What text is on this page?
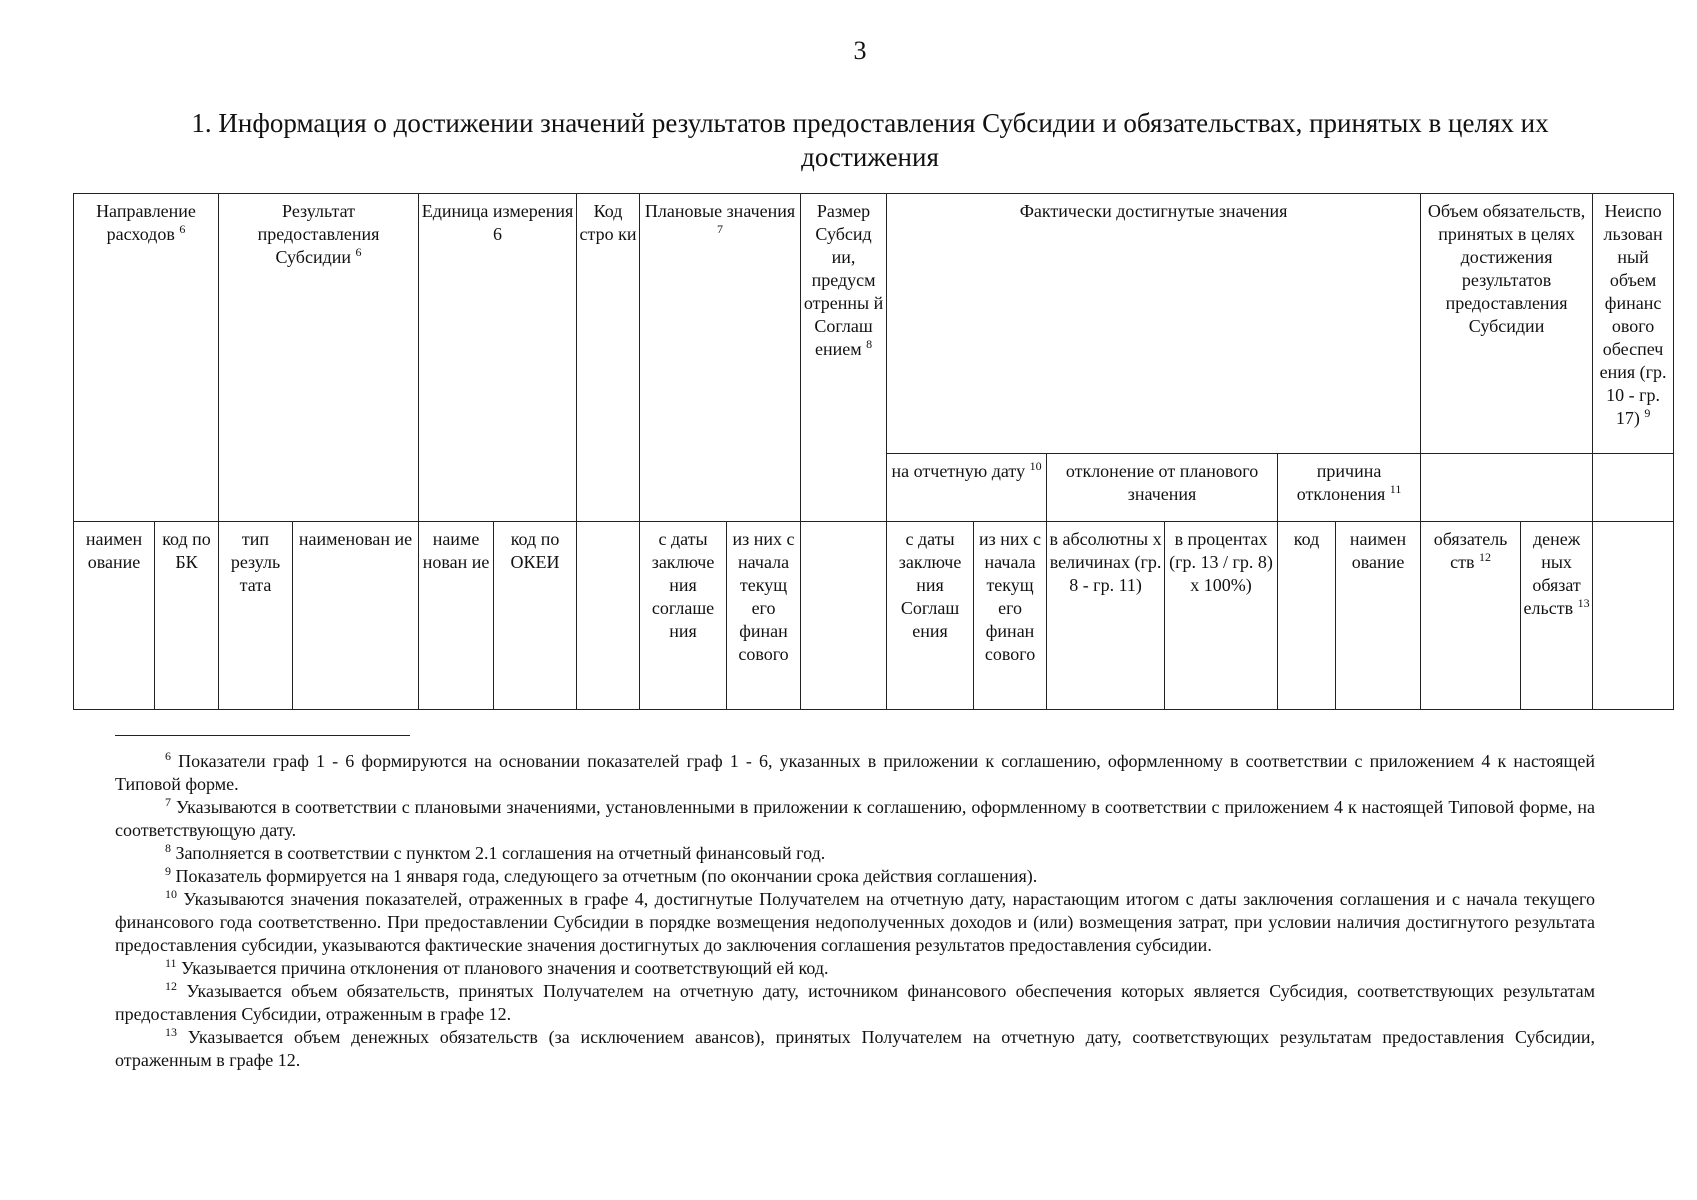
3
1. Информация о достижении значений результатов предоставления Субсидии и обязательствах, принятых в целях их достижения
Направление расходов $^6$		Результат предоставления Субсидии $^6$		Единица измерения 6		Код стро ки	Плановые значения $^7$		Размер Субсид ии, предусм отренны й Соглаш ением $^8$	Фактически достигнутые значения						Объем обязательств, принятых в целях достижения результатов предоставления Субсидии		Неиспо льзован ный объем финанс ового обеспеч ения (гр. 10 - гр. 17) $^9$
										на отчетную дату $^{10}$		отклонение от планового значения		причина отклонения $^{11}$		
наимен ование	код по БК	тип резуль тата	наименован ие	наиме нован ие	код по ОКЕИ		с даты заключе ния соглаше ния	из них с начала текущ его финан сового		с даты заключе ния Соглаш ения	из них с начала текущ его финан сового	в абсолютны х величинах (гр. 8 - гр. 11)	в процентах (гр. 13 / гр. 8) х 100%)	код	наимен ование	обязатель ств $^{12}$	денеж ных обязат ельств $^{13}$	

$^6$ Показатели граф 1 - 6 формируются на основании показателей граф 1 - 6, указанных в приложении к соглашению, оформленному в соответствии с приложением 4 к настоящей Типовой форме.

$^7$ Указываются в соответствии с плановыми значениями, установленными в приложении к соглашению, оформленному в соответствии с приложением 4 к настоящей Типовой форме, на соответствующую дату.

$^8$ Заполняется в соответствии с пунктом 2.1 соглашения на отчетный финансовый год.

$^9$ Показатель формируется на 1 января года, следующего за отчетным (по окончании срока действия соглашения).

$^{10}$ Указываются значения показателей, отраженных в графе 4, достигнутые Получателем на отчетную дату, нарастающим итогом с даты заключения соглашения и с начала текущего финансового года соответственно. При предоставлении Субсидии в порядке возмещения недополученных доходов и (или) возмещения затрат, при условии наличия достигнутого результата предоставления субсидии, указываются фактические значения достигнутых до заключения соглашения результатов предоставления субсидии.

$^{11}$ Указывается причина отклонения от планового значения и соответствующий ей код.

$^{12}$ Указывается объем обязательств, принятых Получателем на отчетную дату, источником финансового обеспечения которых является Субсидия, соответствующих результатам предоставления Субсидии, отраженным в графе 12.

$^{13}$ Указывается объем денежных обязательств (за исключением авансов), принятых Получателем на отчетную дату, соответствующих результатам предоставления Субсидии, отраженным в графе 12.
